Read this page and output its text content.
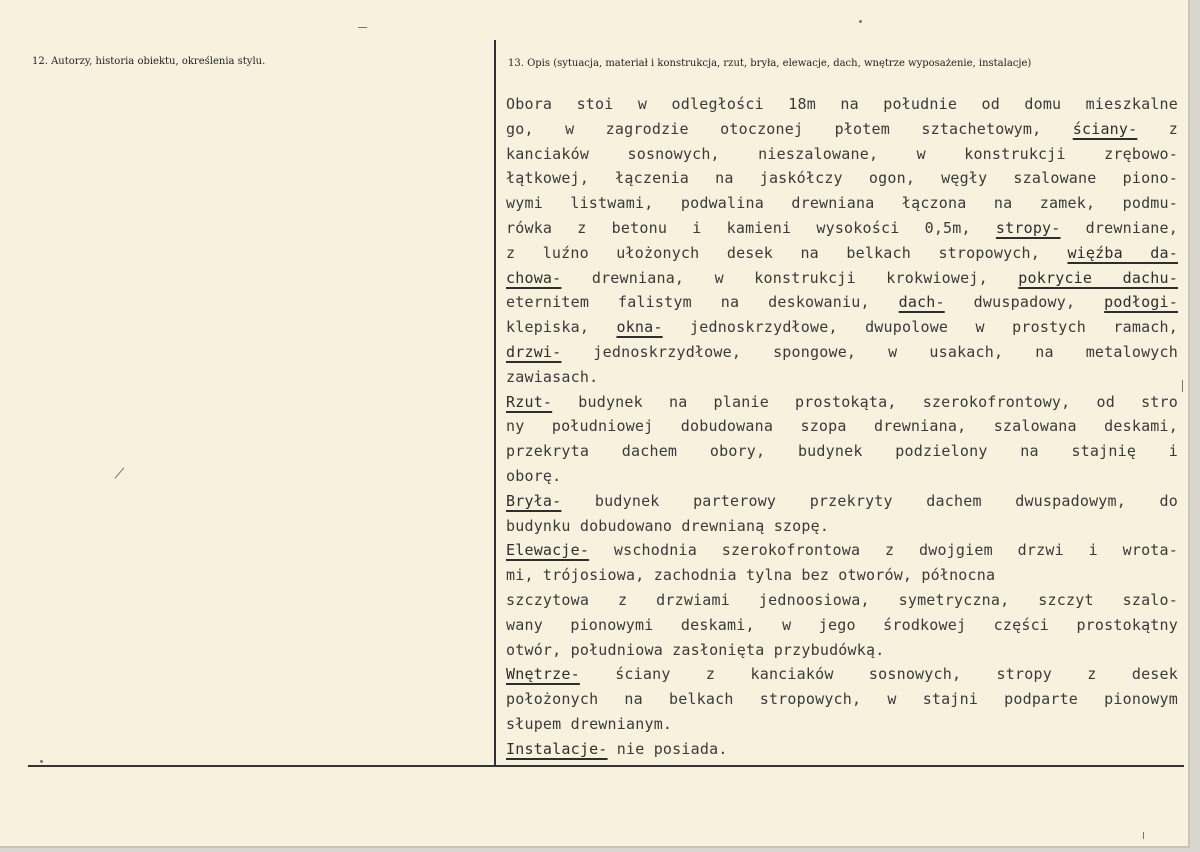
12. Autorzy, historia obiektu, określenia stylu.	13. Opis (sytuacja, materiał i konstrukcja, rzut, bryła, elewacje, dach, wnętrze wyposażenie, instalacje)
Obora stoi w odległości 18m na południe od domu mieszkalne
go, w zagrodzie otoczonej płotem sztachetowym, ściany- z
kanciaków sosnowych, nieszalowane, w konstrukcji zrębowo-
łątkowej, łączenia na jaskółczy ogon, węgły szalowane piono-
wymi listwami, podwalina drewniana łączona na zamek, podmu-
rówka z betonu i kamieni wysokości 0,5m, stropy- drewniane,
z luźno ułożonych desek na belkach stropowych, więźba da-
chowa- drewniana, w konstrukcji krokwiowej, pokrycie dachu-
eternitem falistym na deskowaniu, dach- dwuspadowy, podłogi-
klepiska, okna- jednoskrzydłowe, dwupolowe w prostych ramach,
drzwi- jednoskrzydłowe, spongowe, w usakach, na metalowych
zawiasach.
Rzut- budynek na planie prostokąta, szerokofrontowy, od stro
ny południowej dobudowana szopa drewniana, szalowana deskami,
przekryta dachem obory, budynek podzielony na stajnię i
oborę.
Bryła- budynek parterowy przekryty dachem dwuspadowym, do
budynku dobudowano drewnianą szopę.
Elewacje- wschodnia szerokofrontowa z dwojgiem drzwi i wrota-
mi, trójosiowa, zachodnia tylna bez otworów, północna
szczytowa z drzwiami jednoosiowa, symetryczna, szczyt szalo-
wany pionowymi deskami, w jego środkowej części prostokątny
otwór, południowa zasłonięta przybudówką.
Wnętrze- ściany z kanciaków sosnowych, stropy z desek
położonych na belkach stropowych, w stajni podparte pionowym
słupem drewnianym.
Instalacje- nie posiada.
